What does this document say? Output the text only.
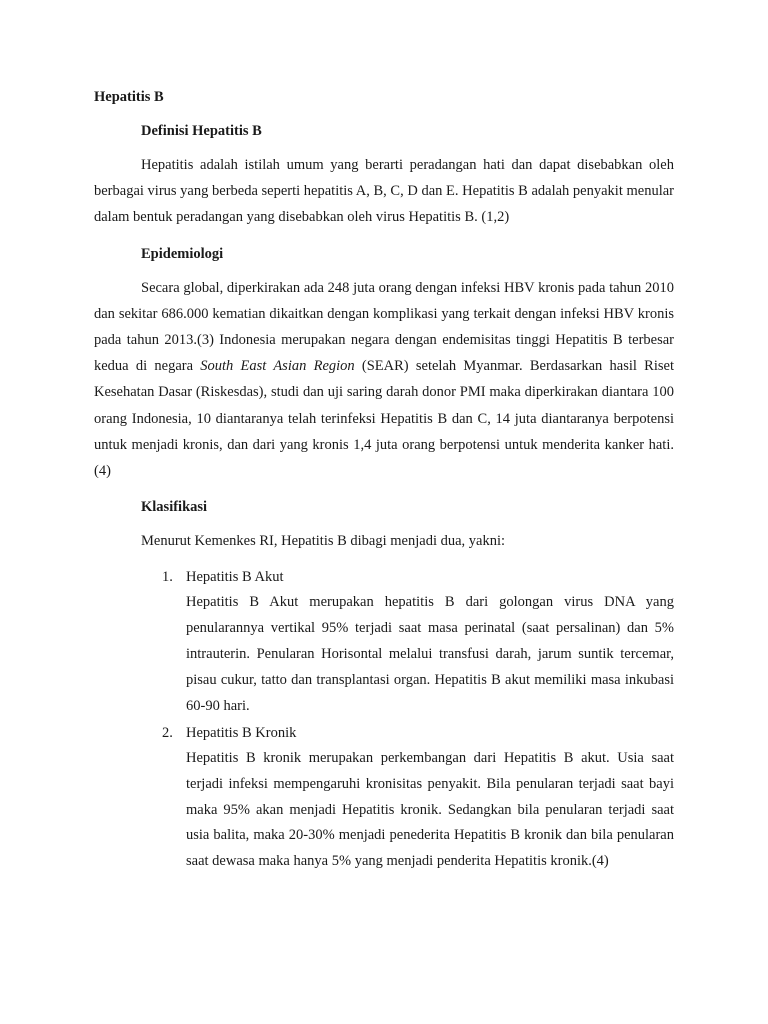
Hepatitis B
Definisi Hepatitis B

Hepatitis adalah istilah umum yang berarti peradangan hati dan dapat disebabkan oleh berbagai virus yang berbeda seperti hepatitis A, B, C, D dan E. Hepatitis B adalah penyakit menular dalam bentuk peradangan yang disebabkan oleh virus Hepatitis B. (1,2)

Epidemiologi

Secara global, diperkirakan ada 248 juta orang dengan infeksi HBV kronis pada tahun 2010 dan sekitar 686.000 kematian dikaitkan dengan komplikasi yang terkait dengan infeksi HBV kronis pada tahun 2013.(3) Indonesia merupakan negara dengan endemisitas tinggi Hepatitis B terbesar kedua di negara South East Asian Region (SEAR) setelah Myanmar. Berdasarkan hasil Riset Kesehatan Dasar (Riskesdas), studi dan uji saring darah donor PMI maka diperkirakan diantara 100 orang Indonesia, 10 diantaranya telah terinfeksi Hepatitis B dan C, 14 juta diantaranya berpotensi untuk menjadi kronis, dan dari yang kronis 1,4 juta orang berpotensi untuk menderita kanker hati.(4)

Klasifikasi

Menurut Kemenkes RI, Hepatitis B dibagi menjadi dua, yakni:

1. Hepatitis B Akut
Hepatitis B Akut merupakan hepatitis B dari golongan virus DNA yang penularannya vertikal 95% terjadi saat masa perinatal (saat persalinan) dan 5% intrauterin. Penularan Horisontal melalui transfusi darah, jarum suntik tercemar, pisau cukur, tatto dan transplantasi organ. Hepatitis B akut memiliki masa inkubasi 60-90 hari.
2. Hepatitis B Kronik
Hepatitis B kronik merupakan perkembangan dari Hepatitis B akut. Usia saat terjadi infeksi mempengaruhi kronisitas penyakit. Bila penularan terjadi saat bayi maka 95% akan menjadi Hepatitis kronik. Sedangkan bila penularan terjadi saat usia balita, maka 20-30% menjadi penederita Hepatitis B kronik dan bila penularan saat dewasa maka hanya 5% yang menjadi penderita Hepatitis kronik.(4)
